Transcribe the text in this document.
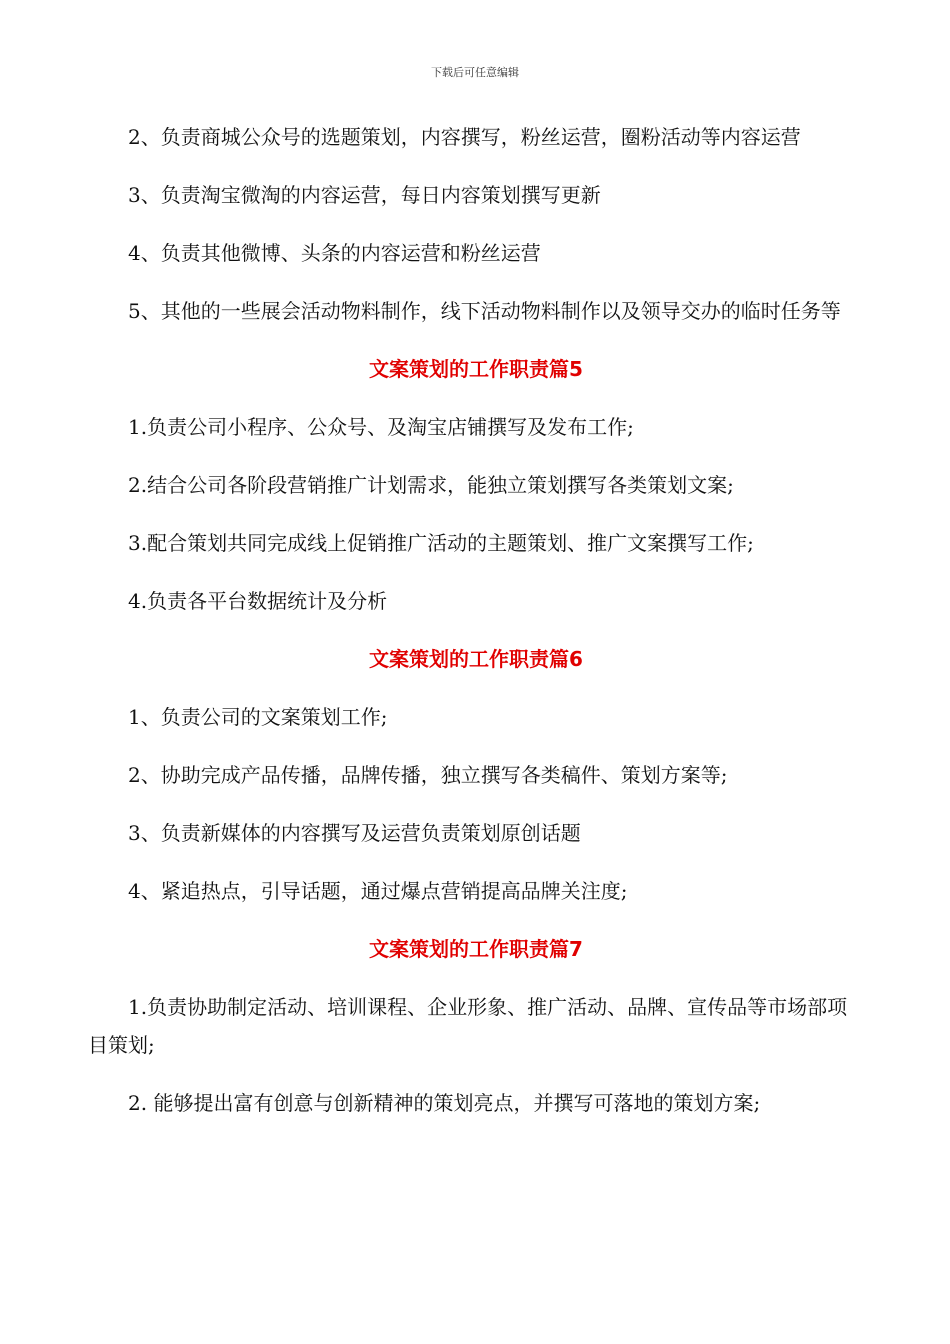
下载后可任意编辑

2、负责商城公众号的选题策划，内容撰写，粉丝运营，圈粉活动等内容运营

3、负责淘宝微淘的内容运营，每日内容策划撰写更新

4、负责其他微博、头条的内容运营和粉丝运营

5、其他的一些展会活动物料制作，线下活动物料制作以及领导交办的临时任务等

文案策划的工作职责篇5

1.负责公司小程序、公众号、及淘宝店铺撰写及发布工作;

2.结合公司各阶段营销推广计划需求，能独立策划撰写各类策划文案;

3.配合策划共同完成线上促销推广活动的主题策划、推广文案撰写工作;

4.负责各平台数据统计及分析

文案策划的工作职责篇6

1、负责公司的文案策划工作;

2、协助完成产品传播，品牌传播，独立撰写各类稿件、策划方案等;

3、负责新媒体的内容撰写及运营负责策划原创话题

4、紧追热点，引导话题，通过爆点营销提高品牌关注度;

文案策划的工作职责篇7

1.负责协助制定活动、培训课程、企业形象、推广活动、品牌、宣传品等市场部项目策划;

2. 能够提出富有创意与创新精神的策划亮点，并撰写可落地的策划方案;
